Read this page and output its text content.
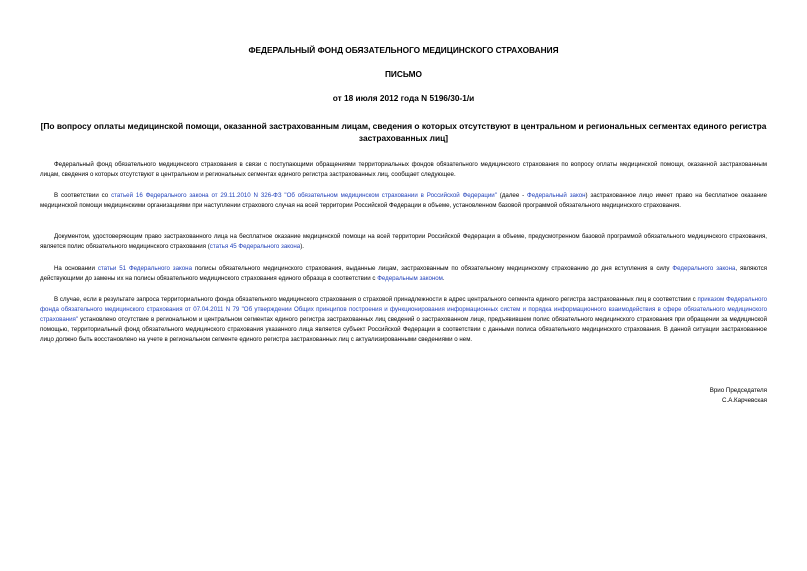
ФЕДЕРАЛЬНЫЙ ФОНД ОБЯЗАТЕЛЬНОГО МЕДИЦИНСКОГО СТРАХОВАНИЯ
ПИСЬМО
от 18 июля 2012 года N 5196/30-1/и
[По вопросу оплаты медицинской помощи, оказанной застрахованным лицам, сведения о которых отсутствуют в центральном и региональных сегментах единого регистра застрахованных лиц]

Федеральный фонд обязательного медицинского страхования в связи с поступающими обращениями территориальных фондов обязательного медицинского страхования по вопросу оплаты медицинской помощи, оказанной застрахованным лицам, сведения о которых отсутствуют в центральном и региональных сегментах единого регистра застрахованных лиц, сообщает следующее.

В соответствии со статьей 16 Федерального закона от 29.11.2010 N 326-ФЗ "Об обязательном медицинском страховании в Российской Федерации" (далее - Федеральный закон) застрахованное лицо имеет право на бесплатное оказание медицинской помощи медицинскими организациями при наступлении страхового случая на всей территории Российской Федерации в объеме, установленном базовой программой обязательного медицинского страхования.

Документом, удостоверяющим право застрахованного лица на бесплатное оказание медицинской помощи на всей территории Российской Федерации в объеме, предусмотренном базовой программой обязательного медицинского страхования, является полис обязательного медицинского страхования (статья 45 Федерального закона).

На основании статьи 51 Федерального закона полисы обязательного медицинского страхования, выданные лицам, застрахованным по обязательному медицинскому страхованию до дня вступления в силу Федерального закона, являются действующими до замены их на полисы обязательного медицинского страхования единого образца в соответствии с Федеральным законом.

В случае, если в результате запроса территориального фонда обязательного медицинского страхования о страховой принадлежности в адрес центрального сегмента единого регистра застрахованных лиц в соответствии с приказом Федерального фонда обязательного медицинского страхования от 07.04.2011 N 79 "Об утверждении Общих принципов построения и функционирования информационных систем и порядка информационного взаимодействия в сфере обязательного медицинского страхования" установлено отсутствие в региональном и центральном сегментах единого регистра застрахованных лиц сведений о застрахованном лице, предъявившем полис обязательного медицинского страхования при обращении за медицинской помощью, территориальный фонд обязательного медицинского страхования указанного лица является субъект Российской Федерации в соответствии с данными полиса обязательного медицинского страхования. В данной ситуации застрахованное лицо должно быть восстановлено на учете в региональном сегменте единого регистра застрахованных лиц с актуализированными сведениями о нем.

Врио Председателя
С.А.Карчевская
